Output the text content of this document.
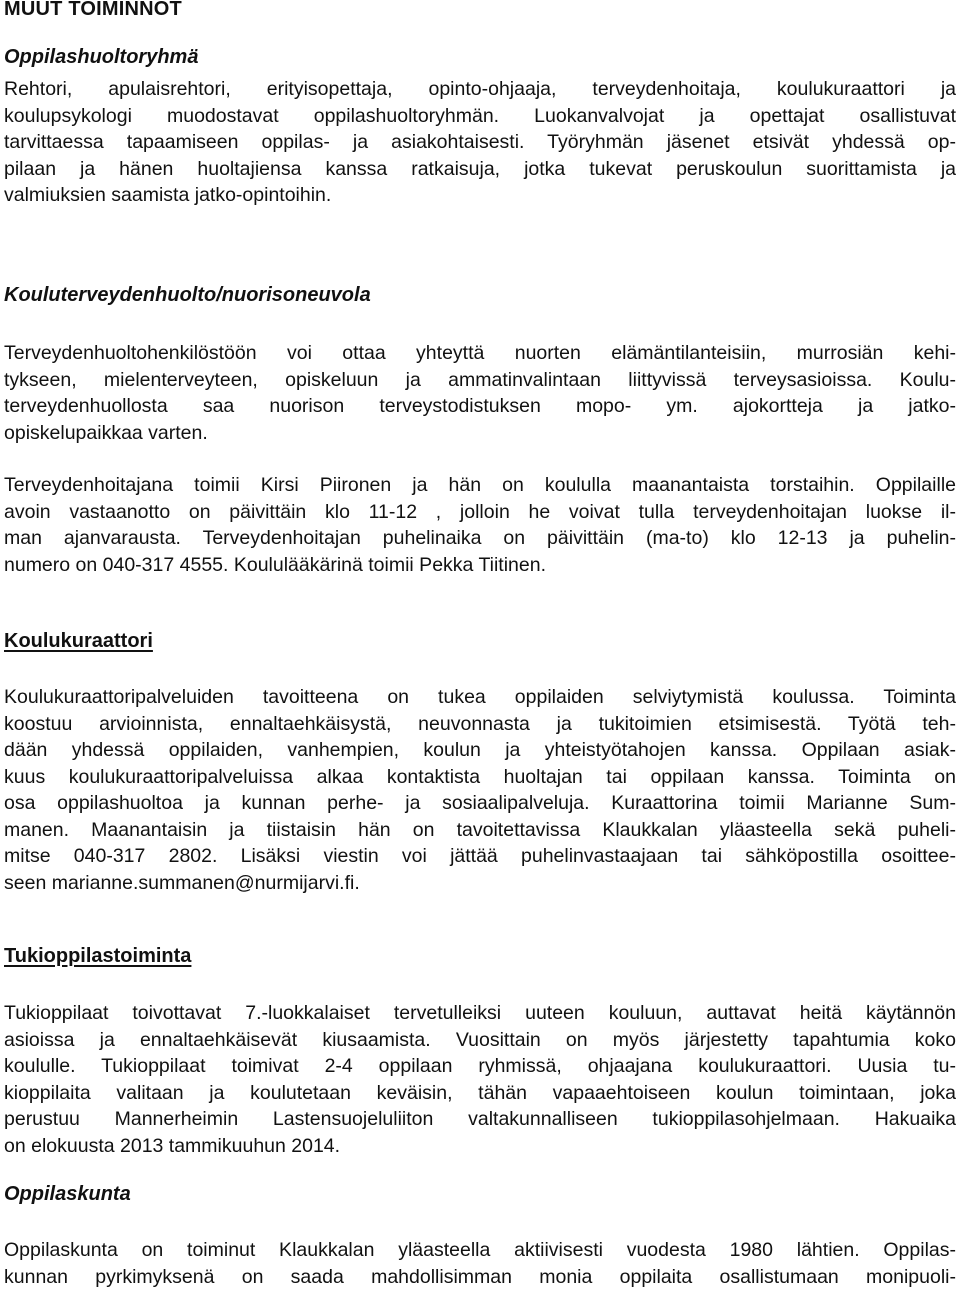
MUUT TOIMINNOT
Oppilashuoltoryhmä
Rehtori, apulaisrehtori, erityisopettaja, opinto-ohjaaja, terveydenhoitaja, koulukuraattori ja
koulupsykologi muodostavat oppilashuoltoryhmän. Luokanvalvojat ja opettajat osallistuvat
tarvittaessa tapaamiseen oppilas- ja asiakohtaisesti. Työryhmän jäsenet etsivät yhdessä op-
pilaan ja hänen huoltajiensa kanssa ratkaisuja, jotka tukevat peruskoulun suorittamista ja
valmiuksien saamista jatko-opintoihin.
Kouluterveydenhuolto/nuorisoneuvola
Terveydenhuoltohenkilöstöön voi ottaa yhteyttä nuorten elämäntilanteisiin, murrosiän kehi-
tykseen, mielenterveyteen, opiskeluun ja ammatinvalintaan liittyvissä terveysasioissa. Koulu-
terveydenhuollosta saa nuorison terveystodistuksen mopo- ym. ajokortteja ja jatko-
opiskelupaikkaa varten.
Terveydenhoitajana toimii Kirsi Piironen ja hän on koululla maanantaista torstaihin. Oppilaille
avoin vastaanotto on päivittäin klo 11-12 , jolloin he voivat tulla terveydenhoitajan luokse il-
man ajanvarausta. Terveydenhoitajan puhelinaika on päivittäin (ma-to) klo 12-13 ja puhelin-
numero on 040-317 4555. Koululääkärinä toimii Pekka Tiitinen.
Koulukuraattori
Koulukuraattoripalveluiden tavoitteena on tukea oppilaiden selviytymistä koulussa. Toiminta
koostuu arvioinnista, ennaltaehkäisystä, neuvonnasta ja tukitoimien etsimisestä. Työtä teh-
dään yhdessä oppilaiden, vanhempien, koulun ja yhteistyötahojen kanssa. Oppilaan asiak-
kuus koulukuraattoripalveluissa alkaa kontaktista huoltajan tai oppilaan kanssa. Toiminta on
osa oppilashuoltoa ja kunnan perhe- ja sosiaalipalveluja. Kuraattorina toimii Marianne Sum-
manen. Maanantaisin ja tiistaisin hän on tavoitettavissa Klaukkalan yläasteella sekä puheli-
mitse 040-317 2802. Lisäksi viestin voi jättää puhelinvastaajaan tai sähköpostilla osoittee-
seen marianne.summanen@nurmijarvi.fi.
Tukioppilastoiminta
Tukioppilaat toivottavat 7.-luokkalaiset tervetulleiksi uuteen kouluun, auttavat heitä käytännön
asioissa ja ennaltaehkäisevät kiusaamista. Vuosittain on myös järjestetty tapahtumia koko
koululle. Tukioppilaat toimivat 2-4 oppilaan ryhmissä, ohjaajana koulukuraattori. Uusia tu-
kioppilaita valitaan ja koulutetaan keväisin, tähän vapaaehtoiseen koulun toimintaan, joka
perustuu Mannerheimin Lastensuojeluliiton valtakunnalliseen tukioppilasohjelmaan. Hakuaika
on elokuusta 2013 tammikuuhun 2014.
Oppilaskunta
Oppilaskunta on toiminut Klaukkalan yläasteella aktiivisesti vuodesta 1980 lähtien. Oppilas-
kunnan pyrkimyksenä on saada mahdollisimman monia oppilaita osallistumaan monipuoli-
